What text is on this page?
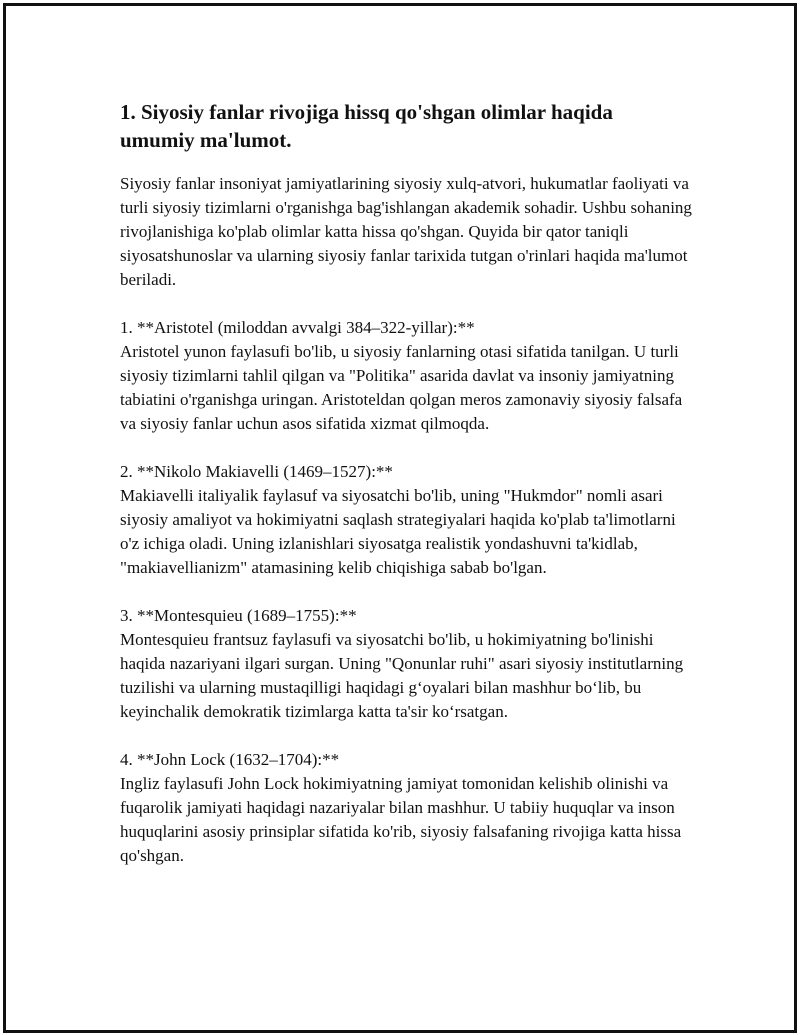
1. Siyosiy fanlar rivojiga hissq qo'shgan olimlar haqida umumiy ma'lumot.

Siyosiy fanlar insoniyat jamiyatlarining siyosiy xulq-atvori, hukumatlar faoliyati va turli siyosiy tizimlarni o'rganishga bag'ishlangan akademik sohadir. Ushbu sohaning rivojlanishiga ko'plab olimlar katta hissa qo'shgan. Quyida bir qator taniqli siyosatshunoslar va ularning siyosiy fanlar tarixida tutgan o'rinlari haqida ma'lumot beriladi.

1. **Aristotel (miloddan avvalgi 384–322-yillar):**

Aristotel yunon faylasufi bo'lib, u siyosiy fanlarning otasi sifatida tanilgan. U turli siyosiy tizimlarni tahlil qilgan va "Politika" asarida davlat va insoniy jamiyatning tabiatini o'rganishga uringan. Aristoteldan qolgan meros zamonaviy siyosiy falsafa va siyosiy fanlar uchun asos sifatida xizmat qilmoqda.

2. **Nikolo Makiavelli (1469–1527):**

Makiavelli italiyalik faylasuf va siyosatchi bo'lib, uning "Hukmdor" nomli asari siyosiy amaliyot va hokimiyatni saqlash strategiyalari haqida ko'plab ta'limotlarni o'z ichiga oladi. Uning izlanishlari siyosatga realistik yondashuvni ta'kidlab, "makiavellianizm" atamasining kelib chiqishiga sabab bo'lgan.

3. **Montesquieu (1689–1755):**

Montesquieu frantsuz faylasufi va siyosatchi bo'lib, u hokimiyatning bo'linishi haqida nazariyani ilgari surgan. Uning "Qonunlar ruhi" asari siyosiy institutlarning tuzilishi va ularning mustaqilligi haqidagi g‘oyalari bilan mashhur bo‘lib, bu keyinchalik demokratik tizimlarga katta ta'sir ko‘rsatgan.

4. **John Lock (1632–1704):**

Ingliz faylasufi John Lock hokimiyatning jamiyat tomonidan kelishib olinishi va fuqarolik jamiyati haqidagi nazariyalar bilan mashhur. U tabiiy huquqlar va inson huquqlarini asosiy prinsiplar sifatida ko'rib, siyosiy falsafaning rivojiga katta hissa qo'shgan.
